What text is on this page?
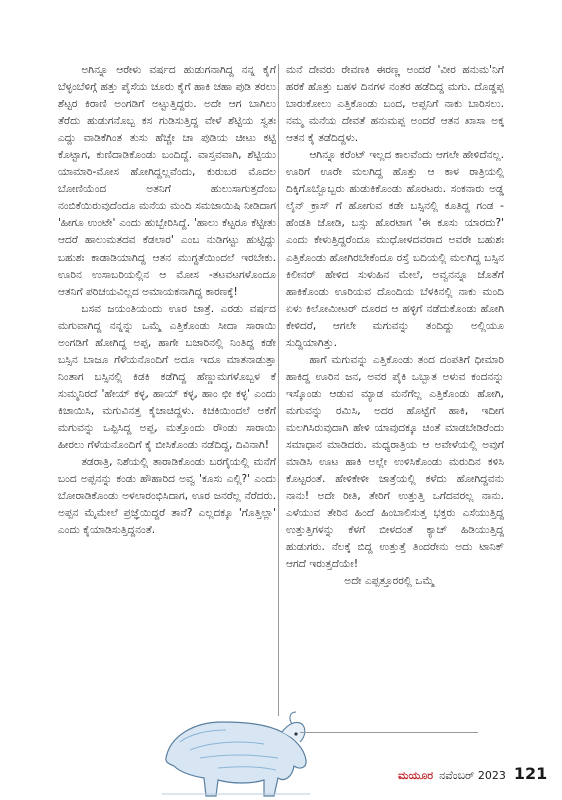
ಅಗಿನ್ನೂ ಆರೇಳು ವರ್ಷದ ಹುಡುಗನಾಗಿದ್ದ ನನ್ನ ಕೈಗೆ ಬೆಳ್ಳಂಬೆಳಿಗ್ಗೆ ಹತ್ತು ಪೈಸೆಯ ಚೂರು ಕೈಗೆ ಹಾಕಿ ಚಹಾ ಪುಡಿ ತರಲು ಶೆಟ್ಟರ ಕಿರಾಣಿ ಅಂಗಡಿಗೆ ಅಟ್ಟುತ್ತಿದ್ದರು. ಅದೇ ಆಗ ಬಾಗಿಲು ತೆರೆದು ಹುಡುಗನೊಬ್ಬ ಕಸ ಗುಡಿಸುತ್ತಿದ್ದ ವೇಳೆ ಶೆಟ್ಟಿಯ ಸ್ವತಃ ಎದ್ದು ವಾಡಿಕೆಗಿಂತ ತುಸು ಹೆಚ್ಚೇ ಚಾ ಪುಡಿಯ ಚೀಟು ಕಟ್ಟಿ ಕೊಟ್ಟಾಗ, ಕುಣಿದಾಡಿಕೊಂಡು ಬಂದಿದ್ದೆ. ವಾಸ್ತವವಾಗಿ, ಶೆಟ್ಟಿಯು ಯಾಮಾರಿ-ಮೋಸ ಹೋಗಿದ್ದಲ್ಲವೆಂದು, ಕುರುಬರ ಮೊದಲ ಬೋಣಿಯೆಂದ ಅತನಿಗೆ ಹುಲುಸಾಗುತ್ತದೆಂಬ ನಂಬಿಕೆಯಿರುವುದೆಂದೂ ಮನೆಯ ಮಂದಿ ಸಮಜಾಯಿಷಿ ನೀಡಿದಾಗ 'ಹೀಗೂ ಉಂಟೇ' ಎಂದು ಹುಬ್ಬೇರಿಸಿದ್ದೆ. 'ಹಾಲು ಕೆಟ್ಟರೂ ಕೆಟ್ಟೀತು ಆದರೆ ಹಾಲುಮತದವ ಕೆಡಲಾರ' ಎಂಬ ನುಡಿಗಟ್ಟು ಹುಟ್ಟಿದ್ದು ಬಹುಶಃ ಕಾಡಾಡಿಯಾಗಿದ್ದ ಆತನ ಮುಗ್ಧತೆಯಿಂದಲೆ ಇರಬೇಕು. ಊರಿನ ಉಸಾಬರಿಯಲ್ಲಿನ ಆ ಮೋಸ -ತಟವಟಗಳೊಂದೂ ಆತನಿಗೆ ಪರಿಚಯವಿಲ್ಲದ ಅಮಾಯಕನಾಗಿದ್ದ ಕಾರಣಕ್ಕೆ!

ಬಸವ ಜಯಂತಿಯಂದು ಊರ ಜಾತ್ರೆ. ಎರಡು ವರ್ಷದ ಮಗುವಾಗಿದ್ದ ನನ್ನನ್ನು ಒಮ್ಮೆ ಎತ್ತಿಕೊಂಡು ಸೀದಾ ಸಾರಾಯಿ ಅಂಗಡಿಗೆ ಹೋಗಿದ್ದ ಅಪ್ಪ, ಹಾಗೇ ಬಜಾರಿನಲ್ಲಿ ನಿಂತಿದ್ದ ಕಡೇ ಬಸ್ಸಿನ ಬಾಜೂ ಗೆಳೆಯನೊಂದಿಗೆ ಅದೂ ಇದೂ ಮಾತನಾಡುತ್ತಾ ನಿಂತಾಗ ಬಸ್ಸಿನಲ್ಲಿ ಕಿಡಕಿ ಕಡೆಗಿದ್ದ ಹೆಣ್ಣುಮಗಳೊಬ್ಬಳ ಕೆ ಸುಮ್ಮನಿರದೆ 'ಹೇಯ್ ಕಳ್ಳ, ಹಾಯ್ ಕಳ್ಳ, ಹಾಂ ಛೀ ಕಳ್ಳ' ಎಂದು ಕಿಚಾಯಿಸಿ, ಮಗುವಿನತ್ತ ಕೈಚಾಚಿದ್ದಳು. ಕಿಚಕಿಯಿಂದಲೆ ಅಕೆಗೆ ಮಗುವನ್ನು ಒಪ್ಪಿಸಿದ್ದ ಅಪ್ಪ, ಮತ್ತೊಂದು ರೌಂಡು ಸಾರಾಯಿ ಹೀರಲು ಗೆಳೆಯನೊಂದಿಗೆ ಕೈ ಬೀಸಿಕೊಂಡು ನಡೆದಿದ್ದ, ದಿವಿನಾಗಿ!

ತಡರಾತ್ರಿ, ನಿಶೆಯಲ್ಲಿ ತಾರಾಡಿಕೊಂಡು ಬರಗೈಯಲ್ಲಿ ಮನೆಗೆ ಬಂದ ಅಪ್ಪನನ್ನು ಕಂಡು ಹೌಹಾರಿದ ಅವ್ವ 'ಕೂಸು ಎಲ್ಲಿ?' ಎಂದು ಬೋರಾಡಿಕೊಂಡು ಅಳಲಾರಂಭಿಸಿದಾಗ, ಊರ ಜನರೆಲ್ಲ ನೆರೆದರು. ಅಪ್ಪನ ಮೈಮೇಲೆ ಪ್ರಜ್ಞೆಯಿದ್ದರೆ ತಾನೆ? ಎಲ್ಲದಕ್ಕೂ 'ಗೊತ್ತಿಲ್ಲಾ' ಎಂದು ಕೈಯಾಡಿಸುತ್ತಿದ್ದನಂತೆ.

ಮನೆ ದೇವರು ರೇವಣಕಿ ಈರಣ್ಣ ಅಂದರೆ 'ವೀರ ಹನುಮ'ನಿಗೆ ಹರಕೆ ಹೊತ್ತು ಬಹಳ ದಿನಗಳ ನಂತರ ಹಡೆದಿದ್ದ ಮಗು. ದೊಡ್ಡಪ್ಪ ಬಾರುಕೋಲು ಎತ್ತಿಕೊಂಡು ಬಂದ, ಅಪ್ಪನಿಗೆ ನಾಕು ಬಾರಿಸಲು. ನಮ್ಮ ಮನೆಯ ದೇವತೆ ಹನುಮಪ್ಪ ಅಂದರೆ ಆತನ ಖಾಸಾ ಅಕ್ಕ ಆತನ ಕೈ ತಡೆದಿದ್ದಳು.

ಆಗಿನ್ನೂ ಕರೆಂಟ್ ಇಲ್ಲದ ಕಾಲವೆಂದು ಆಗಲೇ ಹೇಳಿದೆನಲ್ಲ. ಊರಿಗೆ ಊರೇ ಮಲಗಿದ್ದ ಹೊತ್ತು ಆ ಕಾಳ ರಾತ್ರಿಯಲ್ಲಿ ದಿಕ್ಕಿಗೊಬ್ಬೊಬ್ಬರು ಹುಡುಕಿಕೊಂಡು ಹೊರಟರು. ಸಂಕನಾರು ಅಡ್ಡ ಲೈನ್ ಕ್ರಾಸ್ ಗೆ ಹೋಗುವ ಕಡೇ ಬಸ್ಸಿನಲ್ಲಿ ಕೂತಿದ್ದ ಗಂಡ - ಹೆಂಡತಿ ಜೋಡಿ, ಬಸ್ಸು ಹೊರಟಾಗ 'ಈ ಕೂಸು ಯಾರದು?' ಎಂದು ಕೇಳುತ್ತಿದ್ದರೆಂದೂ ಮುಧೋಳದವರಾದ ಅವರೇ ಬಹುಶಃ ಎತ್ತಿಕೊಂಡು ಹೋಗಿರಬೇಕೆಂದೂ ರಸ್ತೆ ಬದಿಯಲ್ಲಿ ಮಲಗಿದ್ದ ಬಸ್ಸಿನ ಕಿಲೀನರ್ ಹೇಳಿದ ಸುಳುಹಿನ ಮೇಲೆ, ಅವ್ವನನ್ನೂ ಜೊತೆಗೆ ಹಾಕಿಕೊಂಡು ಊರಿಯವ ದೊಂದಿಯ ಬೆಳಕಿನಲ್ಲಿ ನಾಕು ಮಂದಿ ಏಳು ಕಿಲೋಮೀಟರ್ ದೂರದ ಆ ಹಳ್ಳಿಗೆ ನಡೆದುಕೊಂಡು ಹೋಗಿ ಕೇಳಿದರೆ, ಆಗಲೇ ಮಗುವನ್ನು ತಂದಿದ್ದು ಅಲ್ಲಿಯೂ ಸುದ್ದಿಯಾಗಿತ್ತು.

ಹಾಗೆ ಮಗುವನ್ನು ಎತ್ತಿಕೊಂಡು ತಂದ ದಂಪತಿಗೆ ಧೀಮಾರಿ ಹಾಕಿದ್ದ ಊರಿನ ಜನ, ಅವರ ಪೈಕಿ ಒಬ್ಬಾತ ಅಳುವ ಕಂದನನ್ನು ಇಸ್ಕೊಂಡು ಆಡುವ ಮ್ಯಾಡ ಮನೆಗೆಲ್ಲ ಎತ್ತಿಕೊಂಡು ಹೋಗಿ, ಮಗುವನ್ನು ರಮಿಸಿ, ಅದರ ಹೊಟ್ಟೆಗೆ ಹಾಕಿ, ಇದೀಗ ಮಲಗಿಸಿರುವುದಾಗಿ ಹೇಳಿ ಯಾವುದಕ್ಕೂ ಚಿಂತೆ ಮಾಡಬೇಡಿರೆಂದು ಸಮಾಧಾನ ಮಾಡಿದರು. ಮಧ್ಯರಾತ್ರಿಯ ಆ ಅವೇಳೆಯಲ್ಲಿ ಅವುಗೆ ಮಾಡಿಸಿ ಊಟ ಹಾಕಿ ಅಲ್ಲೇ ಉಳಿಸಿಕೊಂಡು ಮರುದಿನ ಕಳಿಸಿ ಕೊಟ್ಟರಂತೆ. ಹೇಳಿಕೇಳೀ ಜಾತ್ರೆಯಲ್ಲಿ ಕಳೆದು ಹೋಗಿದ್ದವನು ನಾನು! ಅದೇ ರೀತಿ, ತೇರಿಗೆ ಉತ್ತುತ್ತಿ ಒಗೆದವರಲ್ಲ ನಾನು. ಎಳೆಯುವ ತೇರಿನ ಹಿಂದೆ ಹಿಂಬಾಲಿಸುತ್ತ ಭಕ್ತರು ಎಸೆಯುತ್ತಿದ್ದ ಉತ್ತುತ್ತಿಗಳನ್ನು ಕೆಳಗೆ ಬೀಳದಂತೆ ಕ್ಯಾಚ್ ಹಿಡಿಯುತ್ತಿದ್ದ ಹುಡುಗರು. ನೆಲಕ್ಕೆ ಬಿದ್ದ ಉತ್ತುತ್ತೆ ತಿಂದರೇನು ಅದು ಟಾನಿಕ್ ಆಗದೆ ಇರುತ್ತದೆಯೇ!

ಅದೇ ಎಪ್ಪತ್ತೂರರಲ್ಲಿ ಒಮ್ಮೆ

ಮಯೂರ ನವೆಂಬರ್ 2023 121
